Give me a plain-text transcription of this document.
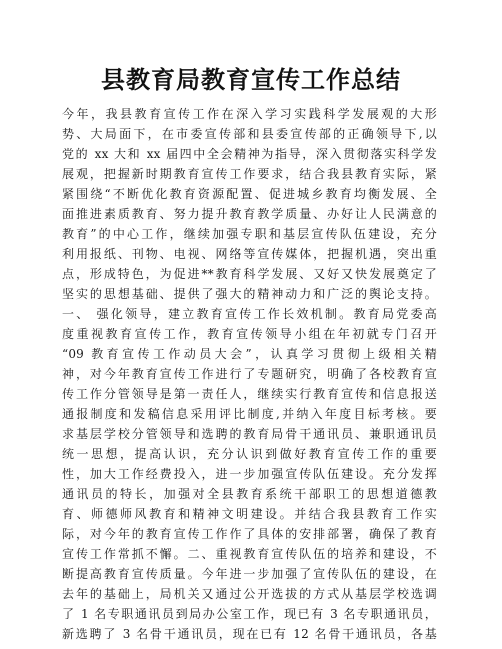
县教育局教育宣传工作总结
今年，我县教育宣传工作在深入学习实践科学发展观的大形
势、大局面下，在市委宣传部和县委宣传部的正确领导下,以
党的 xx 大和 xx 届四中全会精神为指导，深入贯彻落实科学发
展观，把握新时期教育宣传工作要求，结合我县教育实际，紧
紧围绕“不断优化教育资源配置、促进城乡教育均衡发展、全
面推进素质教育、努力提升教育教学质量、办好让人民满意的
教育”的中心工作，继续加强专职和基层宣传队伍建设，充分
利用报纸、刊物、电视、网络等宣传媒体，把握机遇，突出重
点，形成特色，为促进**教育科学发展、又好又快发展奠定了
坚实的思想基础、提供了强大的精神动力和广泛的舆论支持。
一、 强化领导，建立教育宣传工作长效机制。教育局党委高
度重视教育宣传工作，教育宣传领导小组在年初就专门召开
“09 教育宣传工作动员大会”，认真学习贯彻上级相关精
神，对今年教育宣传工作进行了专题研究，明确了各校教育宣
传工作分管领导是第一责任人，继续实行教育宣传和信息报送
通报制度和发稿信息采用评比制度,并纳入年度目标考核。要
求基层学校分管领导和选聘的教育局骨干通讯员、兼职通讯员
统一思想，提高认识，充分认识到做好教育宣传工作的重要
性，加大工作经费投入，进一步加强宣传队伍建设。充分发挥
通讯员的特长，加强对全县教育系统干部职工的思想道德教
育、师德师风教育和精神文明建设。并结合我县教育工作实
际，对今年的教育宣传工作作了具体的安排部署，确保了教育
宣传工作常抓不懈。二、重视教育宣传队伍的培养和建设，不
断提高教育宣传质量。今年进一步加强了宣传队伍的建设，在
去年的基础上，局机关又通过公开选拔的方式从基层学校选调
了 1 名专职通讯员到局办公室工作，现已有 3 名专职通讯员，
新选聘了 3 名骨干通讯员，现在已有 12 名骨干通讯员，各基
